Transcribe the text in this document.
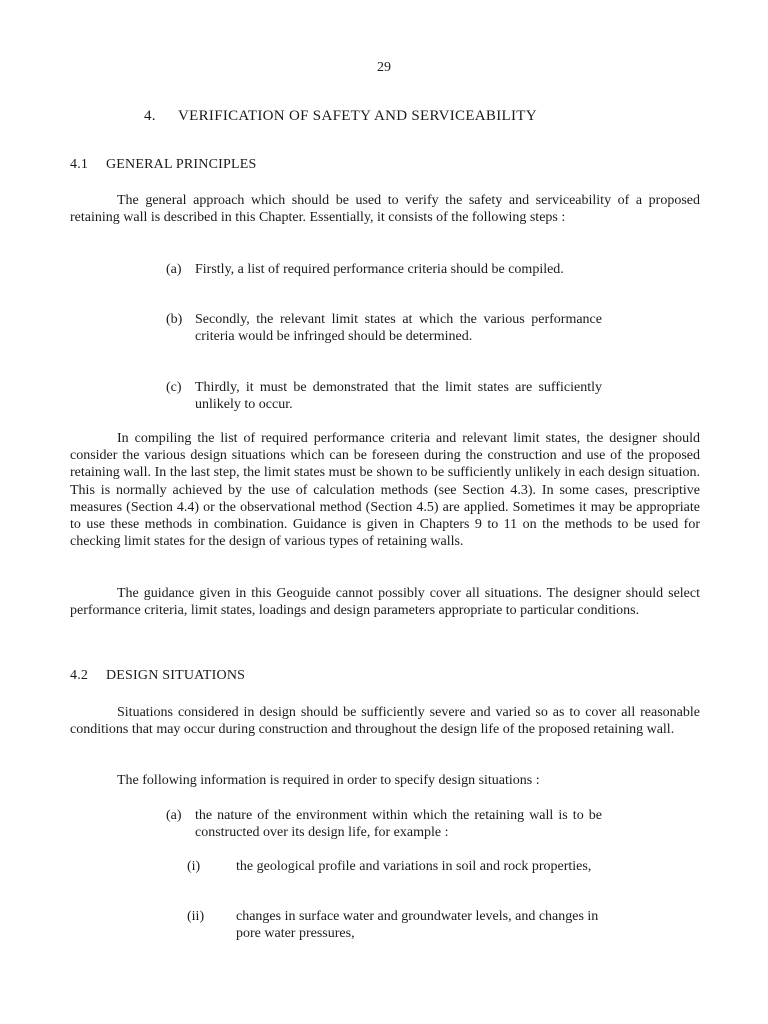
29
4. VERIFICATION OF SAFETY AND SERVICEABILITY
4.1 GENERAL PRINCIPLES
The general approach which should be used to verify the safety and serviceability of a proposed retaining wall is described in this Chapter. Essentially, it consists of the following steps :
(a) Firstly, a list of required performance criteria should be compiled.
(b) Secondly, the relevant limit states at which the various performance criteria would be infringed should be determined.
(c) Thirdly, it must be demonstrated that the limit states are sufficiently unlikely to occur.
In compiling the list of required performance criteria and relevant limit states, the designer should consider the various design situations which can be foreseen during the construction and use of the proposed retaining wall. In the last step, the limit states must be shown to be sufficiently unlikely in each design situation. This is normally achieved by the use of calculation methods (see Section 4.3). In some cases, prescriptive measures (Section 4.4) or the observational method (Section 4.5) are applied. Sometimes it may be appropriate to use these methods in combination. Guidance is given in Chapters 9 to 11 on the methods to be used for checking limit states for the design of various types of retaining walls.
The guidance given in this Geoguide cannot possibly cover all situations. The designer should select performance criteria, limit states, loadings and design parameters appropriate to particular conditions.
4.2 DESIGN SITUATIONS
Situations considered in design should be sufficiently severe and varied so as to cover all reasonable conditions that may occur during construction and throughout the design life of the proposed retaining wall.
The following information is required in order to specify design situations :
(a) the nature of the environment within which the retaining wall is to be constructed over its design life, for example :
(i)	the geological profile and variations in soil and rock properties,
(ii) changes in surface water and groundwater levels, and changes in pore water pressures,
